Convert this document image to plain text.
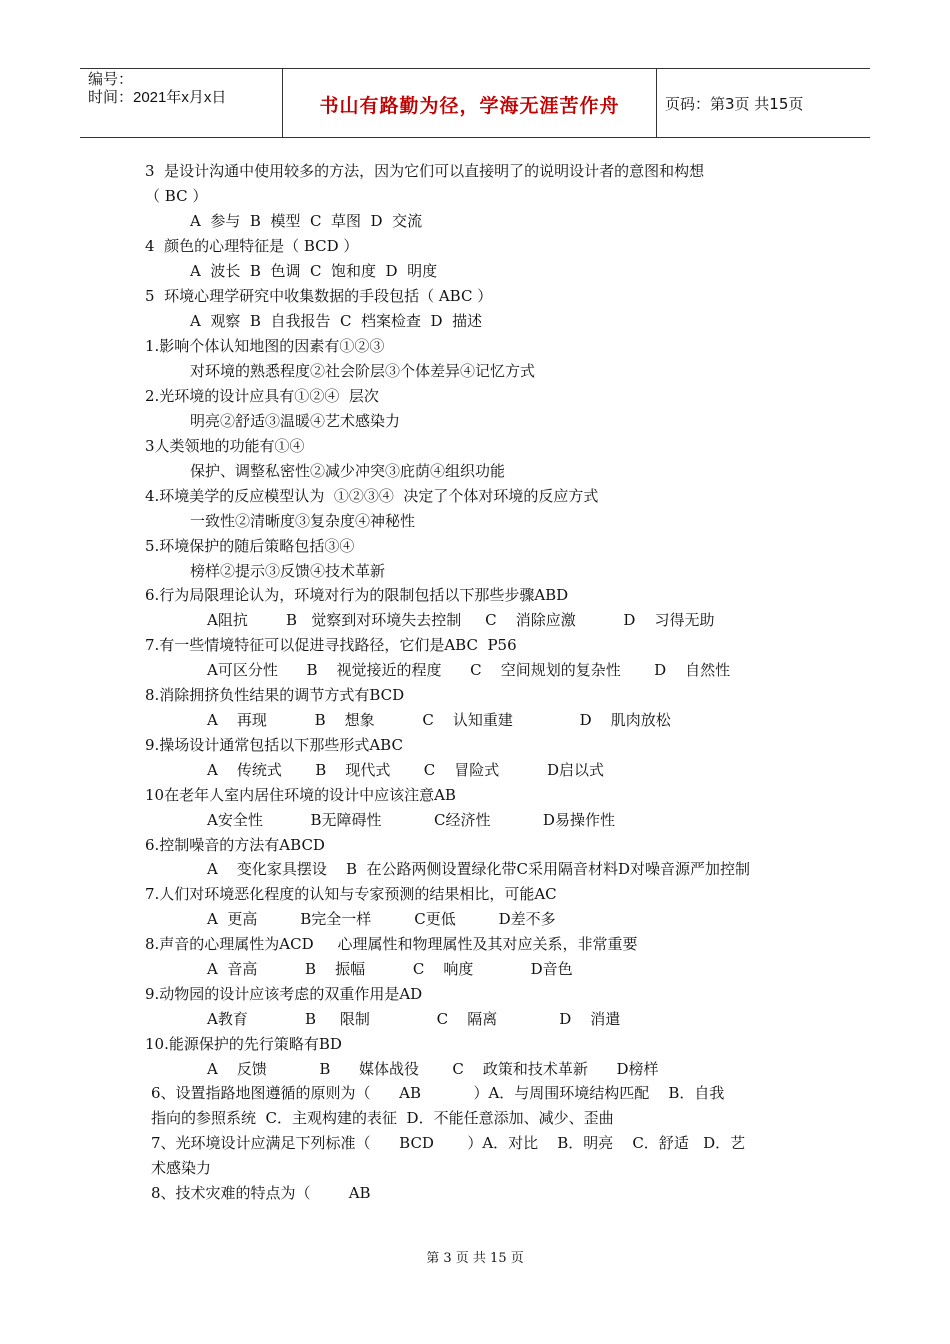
编号：
时间：2021年x月x日	书山有路勤为径，学海无涯苦作舟	页码：第3页 共15页
3  是设计沟通中使用较多的方法，因为它们可以直接明了的说明设计者的意图和构想
（ BC ）
A  参与  B  模型  C  草图  D  交流
4  颜色的心理特征是（ BCD ）
A  波长  B  色调  C  饱和度  D  明度
5  环境心理学研究中收集数据的手段包括（ ABC ）
A  观察  B  自我报告  C  档案检查  D  描述
1.影响个体认知地图的因素有①②③
对环境的熟悉程度②社会阶层③个体差异④记忆方式
2.光环境的设计应具有①②④  层次
明亮②舒适③温暖④艺术感染力
3人类领地的功能有①④
保护、调整私密性②减少冲突③庇荫④组织功能
4.环境美学的反应模型认为  ①②③④  决定了个体对环境的反应方式
一致性②清晰度③复杂度④神秘性
5.环境保护的随后策略包括③④
榜样②提示③反馈④技术革新
6.行为局限理论认为，环境对行为的限制包括以下那些步骤ABD
A阻抗        B   觉察到对环境失去控制     C    消除应激          D    习得无助
7.有一些情境特征可以促进寻找路径，它们是ABC  P56
A可区分性      B    视觉接近的程度      C    空间规划的复杂性       D    自然性
8.消除拥挤负性结果的调节方式有BCD
A    再现          B    想象          C    认知重建              D    肌肉放松
9.操场设计通常包括以下那些形式ABC
A    传统式       B    现代式       C    冒险式          D启以式
10在老年人室内居住环境的设计中应该注意AB
A安全性          B无障碍性           C经济性           D易操作性
6.控制噪音的方法有ABCD
A    变化家具摆设    B  在公路两侧设置绿化带C采用隔音材料D对噪音源严加控制
7.人们对环境恶化程度的认知与专家预测的结果相比，可能AC
A  更高         B完全一样         C更低         D差不多
8.声音的心理属性为ACD     心理属性和物理属性及其对应关系，非常重要
A  音高          B    振幅          C    响度            D音色
9.动物园的设计应该考虑的双重作用是AD
A教育            B     限制              C    隔离             D    消遣
10.能源保护的先行策略有BD
A    反馈           B      媒体战役       C    政策和技术革新      D榜样
6、设置指路地图遵循的原则为（      AB           ）A．与周围环境结构匹配    B．自我
指向的参照系统  C．主观构建的表征  D．不能任意添加、减少、歪曲
7、光环境设计应满足下列标准（      BCD       ）A．对比    B．明亮    C．舒适   D．艺
术感染力
8、技术灾难的特点为（        AB
第 3 页 共 15 页
